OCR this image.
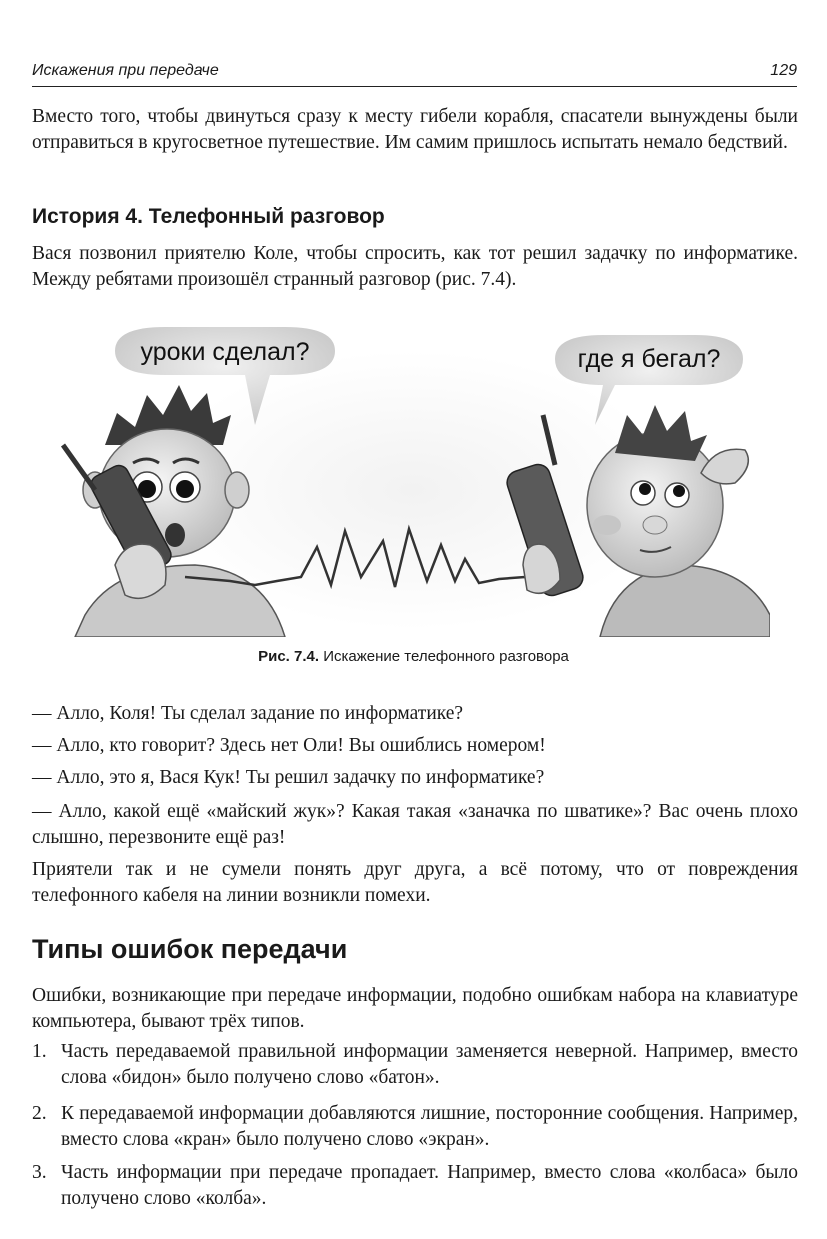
Искажения при передаче	129

Вместо того, чтобы двинуться сразу к месту гибели корабля, спасатели вынуждены были отправиться в кругосветное путешествие. Им самим пришлось испытать немало бедствий.

История 4. Телефонный разговор

Вася позвонил приятелю Коле, чтобы спросить, как тот решил задачку по информатике. Между ребятами произошёл странный разговор (рис. 7.4).

уроки сделал?	где я бегал?
Рис. 7.4. Искажение телефонного разговора

— Алло, Коля! Ты сделал задание по информатике?

— Алло, кто говорит? Здесь нет Оли! Вы ошиблись номером!

— Алло, это я, Вася Кук! Ты решил задачку по информатике?

— Алло, какой ещё «майский жук»? Какая такая «заначка по шватике»? Вас очень плохо слышно, перезвоните ещё раз!

Приятели так и не сумели понять друг друга, а всё потому, что от повреждения телефонного кабеля на линии возникли помехи.

Типы ошибок передачи

Ошибки, возникающие при передаче информации, подобно ошибкам набора на клавиатуре компьютера, бывают трёх типов.

1. Часть передаваемой правильной информации заменяется неверной. Например, вместо слова «бидон» было получено слово «батон».
2. К передаваемой информации добавляются лишние, посторонние сообщения. Например, вместо слова «кран» было получено слово «экран».
3. Часть информации при передаче пропадает. Например, вместо слова «колбаса» было получено слово «колба».
